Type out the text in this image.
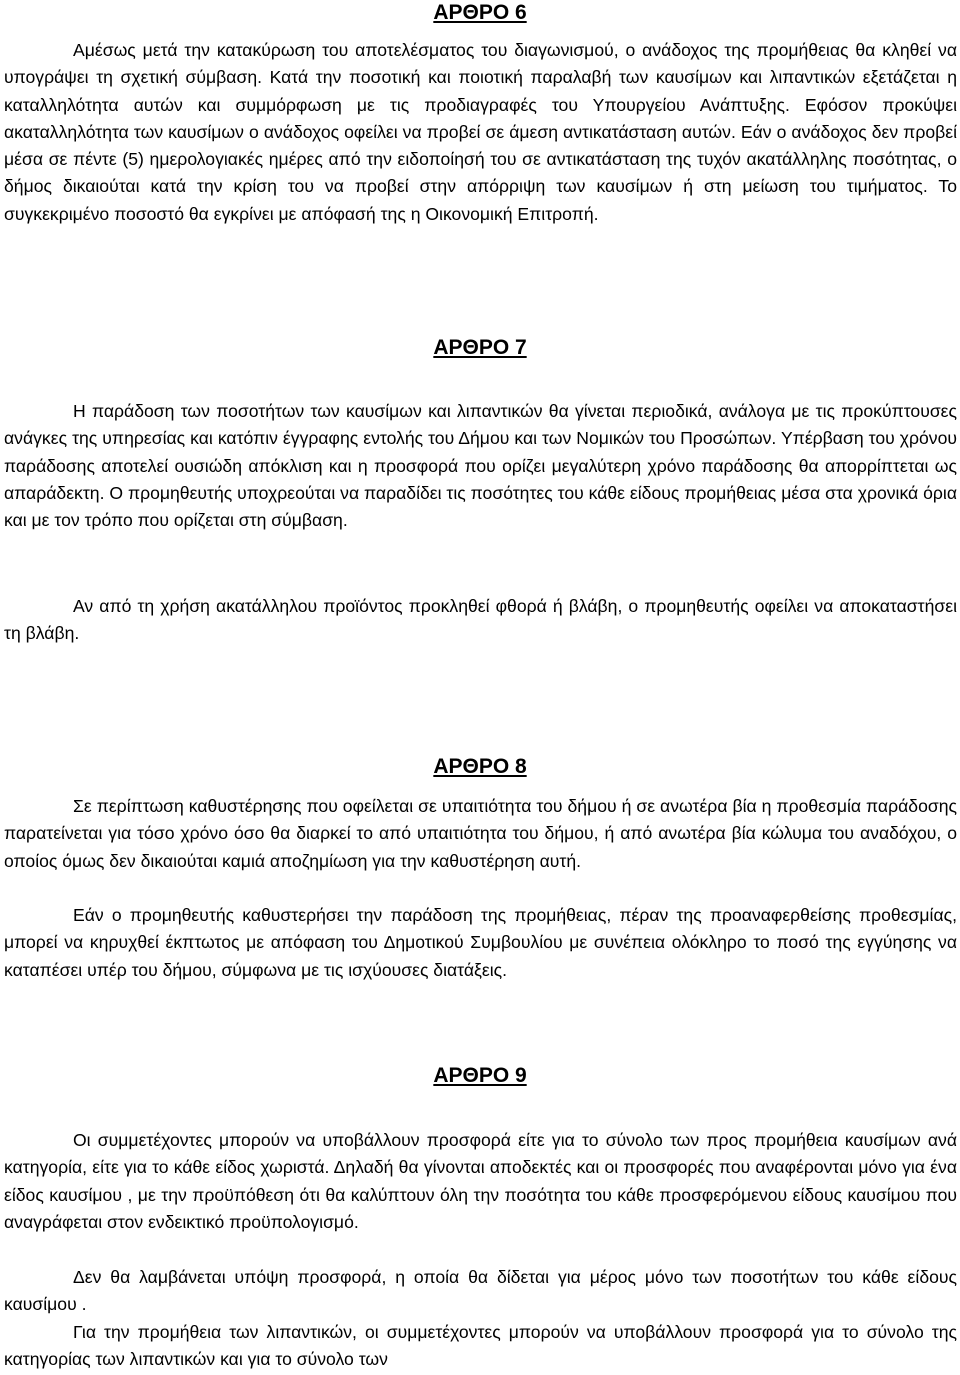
ΑΡΘΡΟ 6

Αμέσως μετά την κατακύρωση του αποτελέσματος του διαγωνισμού, ο ανάδοχος της προμήθειας θα κληθεί να υπογράψει τη σχετική σύμβαση. Κατά την ποσοτική και ποιοτική παραλαβή των καυσίμων και λιπαντικών εξετάζεται η καταλληλότητα αυτών και συμμόρφωση με τις προδιαγραφές του Υπουργείου Ανάπτυξης. Εφόσον προκύψει ακαταλληλότητα των καυσίμων ο ανάδοχος οφείλει να προβεί σε άμεση αντικατάσταση αυτών. Εάν ο ανάδοχος δεν προβεί μέσα σε πέντε (5) ημερολογιακές ημέρες από την ειδοποίησή του σε αντικατάσταση της τυχόν ακατάλληλης ποσότητας, ο δήμος δικαιούται κατά την κρίση του να προβεί στην απόρριψη των καυσίμων ή στη μείωση του τιμήματος. Το συγκεκριμένο ποσοστό θα εγκρίνει με απόφασή της η Οικονομική Επιτροπή.

ΑΡΘΡΟ 7

Η παράδοση των ποσοτήτων των καυσίμων και λιπαντικών θα γίνεται περιοδικά, ανάλογα με τις προκύπτουσες ανάγκες της υπηρεσίας και κατόπιν έγγραφης εντολής του Δήμου και των Νομικών του Προσώπων. Υπέρβαση του χρόνου παράδοσης αποτελεί ουσιώδη απόκλιση και η προσφορά που ορίζει μεγαλύτερη χρόνο παράδοσης θα απορρίπτεται ως απαράδεκτη. Ο προμηθευτής υποχρεούται να παραδίδει τις ποσότητες του κάθε είδους προμήθειας μέσα στα χρονικά όρια και με τον τρόπο που ορίζεται στη σύμβαση.

Αν από τη χρήση ακατάλληλου προϊόντος προκληθεί φθορά ή βλάβη, ο προμηθευτής οφείλει να αποκαταστήσει τη βλάβη.

ΑΡΘΡΟ 8

Σε περίπτωση καθυστέρησης που οφείλεται σε υπαιτιότητα του δήμου ή σε ανωτέρα βία η προθεσμία παράδοσης παρατείνεται για τόσο χρόνο όσο θα διαρκεί το από υπαιτιότητα του δήμου, ή από ανωτέρα βία κώλυμα του αναδόχου, ο οποίος όμως δεν δικαιούται καμιά αποζημίωση για την καθυστέρηση αυτή.

Εάν ο προμηθευτής καθυστερήσει την παράδοση της προμήθειας, πέραν της προαναφερθείσης προθεσμίας, μπορεί να κηρυχθεί έκπτωτος με απόφαση του Δημοτικού Συμβουλίου με συνέπεια ολόκληρο το ποσό της εγγύησης να καταπέσει υπέρ του δήμου, σύμφωνα με τις ισχύουσες διατάξεις.

ΑΡΘΡΟ 9

Οι συμμετέχοντες μπορούν να υποβάλλουν προσφορά είτε για το σύνολο των προς προμήθεια καυσίμων ανά κατηγορία, είτε για το κάθε είδος χωριστά. Δηλαδή θα γίνονται αποδεκτές και οι προσφορές που αναφέρονται μόνο για ένα είδος καυσίμου , με την προϋπόθεση ότι θα καλύπτουν όλη την ποσότητα του κάθε προσφερόμενου είδους καυσίμου που αναγράφεται στον ενδεικτικό προϋπολογισμό.

Δεν θα λαμβάνεται υπόψη προσφορά, η οποία θα δίδεται για μέρος μόνο των ποσοτήτων του κάθε είδους καυσίμου .

Για την προμήθεια των λιπαντικών, οι συμμετέχοντες μπορούν να υποβάλλουν προσφορά για το σύνολο της κατηγορίας των λιπαντικών και για το σύνολο των
